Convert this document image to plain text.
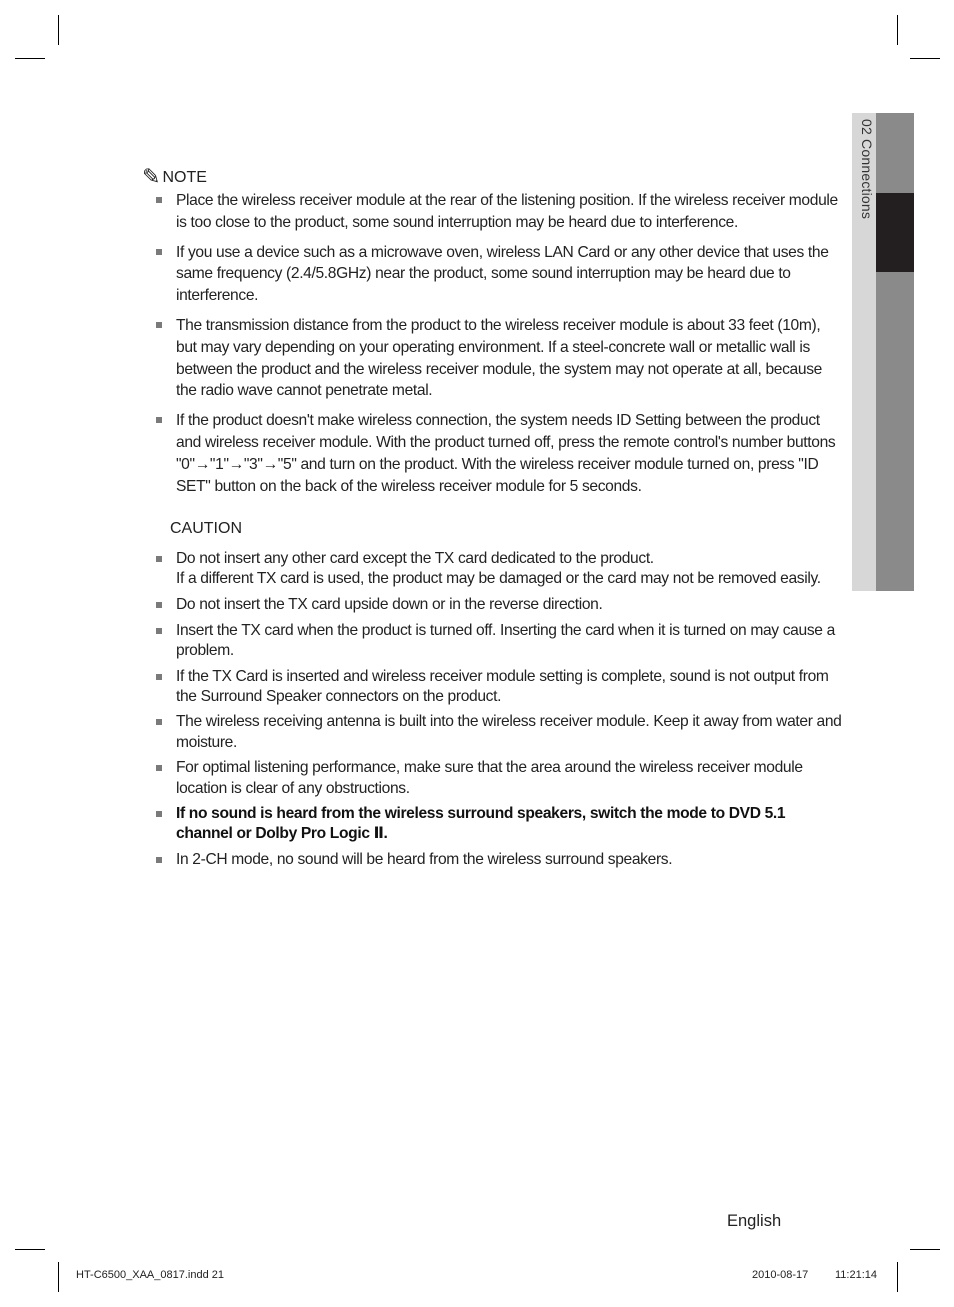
02 Connections
✎ NOTE
Place the wireless receiver module at the rear of the listening position. If the wireless receiver module is too close to the product, some sound interruption may be heard due to interference.
If you use a device such as a microwave oven, wireless LAN Card or any other device that uses the same frequency (2.4/5.8GHz) near the product, some sound interruption may be heard due to interference.
The transmission distance from the product to the wireless receiver module is about 33 feet (10m), but may vary depending on your operating environment. If a steel-concrete wall or metallic wall is between the product and the wireless receiver module, the system may not operate at all, because the radio wave cannot penetrate metal.
If the product doesn't make wireless connection, the system needs ID Setting between the product and wireless receiver module. With the product turned off, press the remote control's number buttons "0"→"1"→"3"→"5" and turn on the product. With the wireless receiver module turned on, press "ID SET" button on the back of the wireless receiver module for 5 seconds.
CAUTION
Do not insert any other card except the TX card dedicated to the product.
If a different TX card is used, the product may be damaged or the card may not be removed easily.
Do not insert the TX card upside down or in the reverse direction.
Insert the TX card when the product is turned off. Inserting the card when it is turned on may cause a problem.
If the TX Card is inserted and wireless receiver module setting is complete, sound is not output from the Surround Speaker connectors on the product.
The wireless receiving antenna is built into the wireless receiver module. Keep it away from water and moisture.
For optimal listening performance, make sure that the area around the wireless receiver module location is clear of any obstructions.
If no sound is heard from the wireless surround speakers, switch the mode to DVD 5.1 channel or Dolby Pro Logic Ⅱ.
In 2-CH mode, no sound will be heard from the wireless surround speakers.
English
HT-C6500_XAA_0817.indd 21	2010-08-17 11:21:14
